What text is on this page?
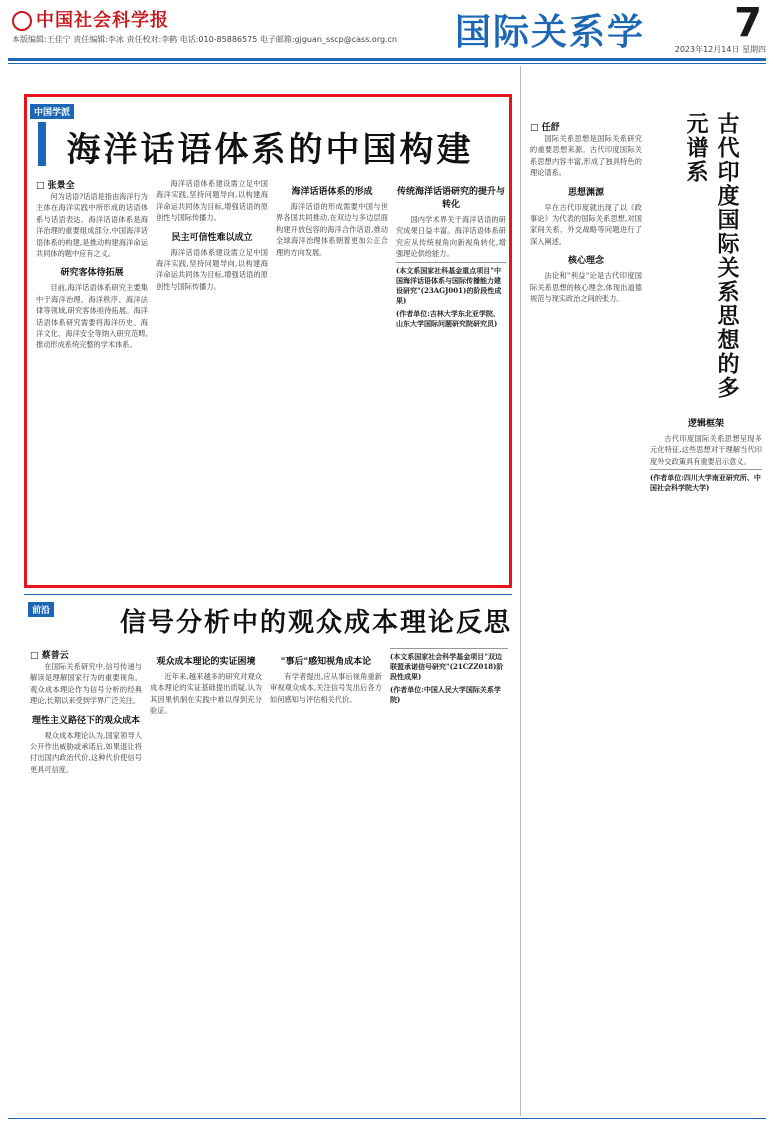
中国社会科学报
本版编辑:王佳宁 责任编辑:李冰 责任校对:李鹤 电话:010-85886575 电子邮箱:gjguan_sscp@cass.org.cn	国际关系学	7
2023年12月14日 星期四
中国学派
海洋话语体系的中国构建
□ 张景全

何为话语?话语是指由海洋行为主体在海洋实践中所形成的话语体系与话语表达。海洋话语体系是海洋治理的重要组成部分,中国海洋话语体系的构建,是推动构建海洋命运共同体的题中应有之义。

研究客体待拓展

目前,海洋话语体系研究主要集中于海洋治理、海洋秩序、海洋法律等领域,研究客体亟待拓展。海洋话语体系研究需要将海洋历史、海洋文化、海洋安全等纳入研究范畴,推动形成系统完整的学术体系。

海洋话语体系建设需立足中国海洋实践,坚持问题导向,以构建海洋命运共同体为目标,增强话语的原创性与国际传播力。

民主可信性难以成立

海洋话语体系建设需立足中国海洋实践,坚持问题导向,以构建海洋命运共同体为目标,增强话语的原创性与国际传播力。

海洋话语体系的形成

海洋话语的形成需要中国与世界各国共同推动,在双边与多边层面构建开放包容的海洋合作话语,推动全球海洋治理体系朝着更加公正合理的方向发展。

传统海洋话语研究的提升与转化

国内学术界关于海洋话语的研究成果日益丰富。海洋话语体系研究应从传统视角向新视角转化,增强理论供给能力。

(本文系国家社科基金重点项目"中国海洋话语体系与国际传播能力建设研究"(23AGJ001)的阶段性成果)
(作者单位:吉林大学东北亚学院、山东大学国际问题研究院研究员)
前沿	信号分析中的观众成本理论反思
□ 蔡普云

在国际关系研究中,信号传递与解读是理解国家行为的重要视角。观众成本理论作为信号分析的经典理论,长期以来受到学界广泛关注。

理性主义路径下的观众成本

观众成本理论认为,国家领导人公开作出威胁或承诺后,如果退让将付出国内政治代价,这种代价使信号更具可信度。

观众成本理论的实证困境

近年来,越来越多的研究对观众成本理论的实证基础提出质疑,认为其因果机制在实践中难以得到充分验证。

"事后"感知视角成本论

有学者提出,应从事后视角重新审视观众成本,关注信号发出后各方如何感知与评估相关代价。

(本文系国家社会科学基金项目"双边联盟承诺信号研究"(21CZZ018)阶段性成果)
(作者单位:中国人民大学国际关系学院)
古代印度国际关系思想的多元谱系
□ 任舒

国际关系思想是国际关系研究的重要思想来源。古代印度国际关系思想内容丰富,形成了独具特色的理论谱系。

思想渊源

早在古代印度就出现了以《政事论》为代表的国际关系思想,对国家间关系、外交战略等问题进行了深入阐述。

核心理念

法论和"利益"论是古代印度国际关系思想的核心理念,体现出道德规范与现实政治之间的张力。

逻辑框架

古代印度国际关系思想呈现多元化特征,这些思想对于理解当代印度外交政策具有重要启示意义。

(作者单位:四川大学南亚研究所、中国社会科学院大学)
